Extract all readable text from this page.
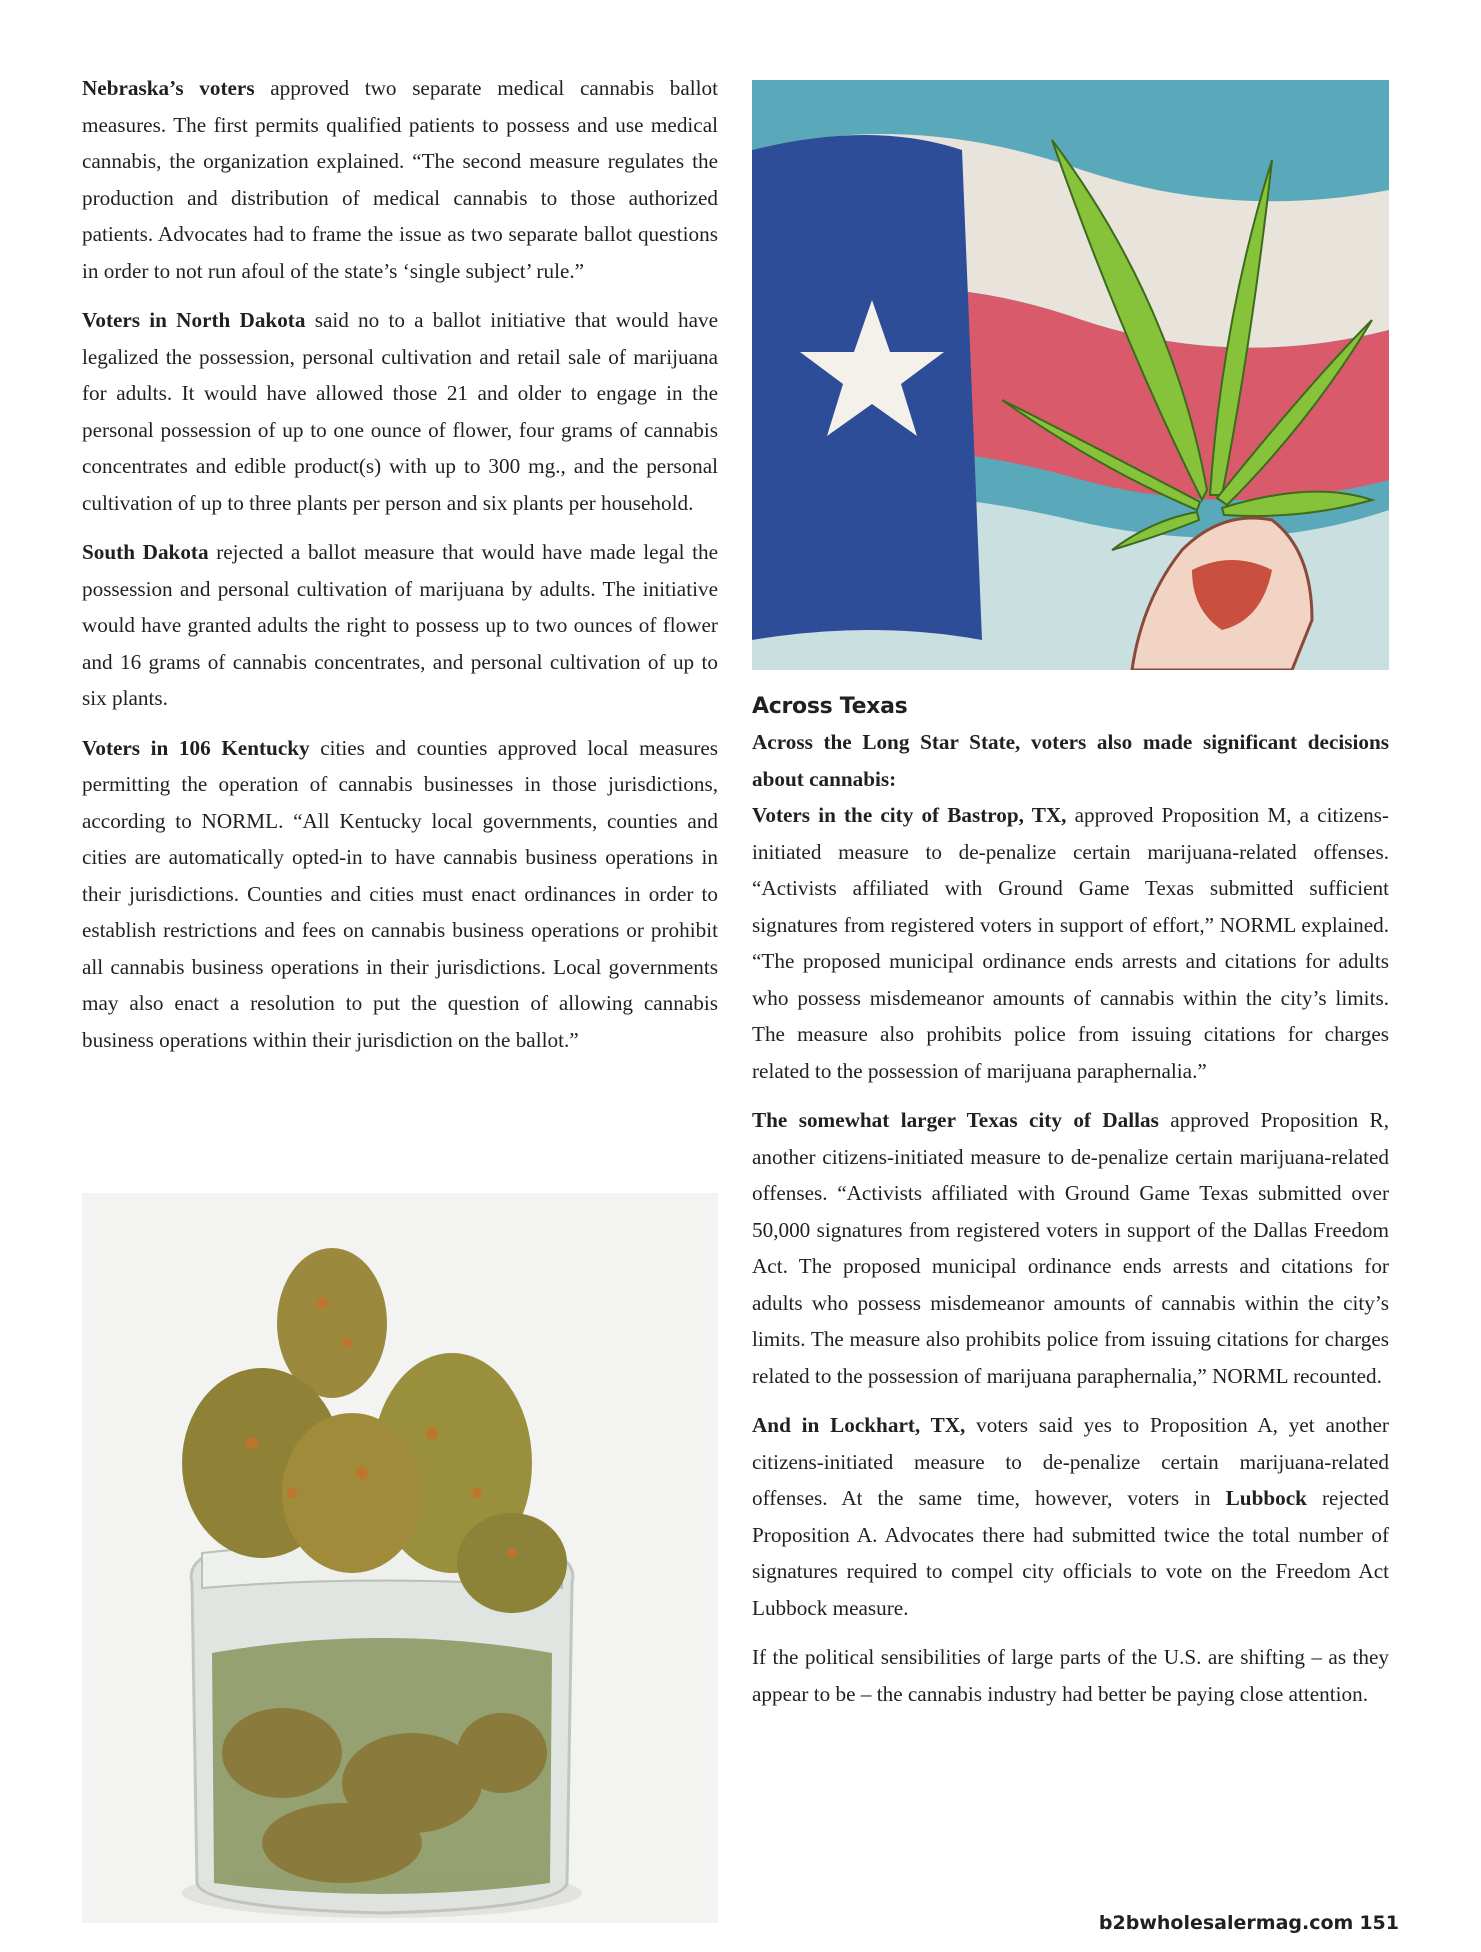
Nebraska’s voters approved two separate medical cannabis ballot measures. The first permits qualified patients to possess and use medical cannabis, the organization explained. “The second measure regulates the production and distribution of medical cannabis to those authorized patients. Advocates had to frame the issue as two separate ballot questions in order to not run afoul of the state’s ‘single subject’ rule.”

Voters in North Dakota said no to a ballot initiative that would have legalized the possession, personal cultivation and retail sale of marijuana for adults. It would have allowed those 21 and older to engage in the personal possession of up to one ounce of flower, four grams of cannabis concentrates and edible product(s) with up to 300 mg., and the personal cultivation of up to three plants per person and six plants per household.

South Dakota rejected a ballot measure that would have made legal the possession and personal cultivation of marijuana by adults. The initiative would have granted adults the right to possess up to two ounces of flower and 16 grams of cannabis concentrates, and personal cultivation of up to six plants.

Voters in 106 Kentucky cities and counties approved local measures permitting the operation of cannabis businesses in those jurisdictions, according to NORML. “All Kentucky local governments, counties and cities are automatically opted-in to have cannabis business operations in their jurisdictions. Counties and cities must enact ordinances in order to establish restrictions and fees on cannabis business operations or prohibit all cannabis business operations in their jurisdictions. Local governments may also enact a resolution to put the question of allowing cannabis business operations within their jurisdiction on the ballot.”

Across Texas

Across the Long Star State, voters also made significant decisions about cannabis:

Voters in the city of Bastrop, TX, approved Proposition M, a citizens-initiated measure to de-penalize certain marijuana-related offenses. “Activists affiliated with Ground Game Texas submitted sufficient signatures from registered voters in support of effort,” NORML explained. “The proposed municipal ordinance ends arrests and citations for adults who possess misdemeanor amounts of cannabis within the city’s limits. The measure also prohibits police from issuing citations for charges related to the possession of marijuana paraphernalia.”

The somewhat larger Texas city of Dallas approved Proposition R, another citizens-initiated measure to de-penalize certain marijuana-related offenses. “Activists affiliated with Ground Game Texas submitted over 50,000 signatures from registered voters in support of the Dallas Freedom Act. The proposed municipal ordinance ends arrests and citations for adults who possess misdemeanor amounts of cannabis within the city’s limits. The measure also prohibits police from issuing citations for charges related to the possession of marijuana paraphernalia,” NORML recounted.

And in Lockhart, TX, voters said yes to Proposition A, yet another citizens-initiated measure to de-penalize certain marijuana-related offenses. At the same time, however, voters in Lubbock rejected Proposition A. Advocates there had submitted twice the total number of signatures required to compel city officials to vote on the Freedom Act Lubbock measure.

If the political sensibilities of large parts of the U.S. are shifting – as they appear to be – the cannabis industry had better be paying close attention.

b2bwholesalermag.com 151
